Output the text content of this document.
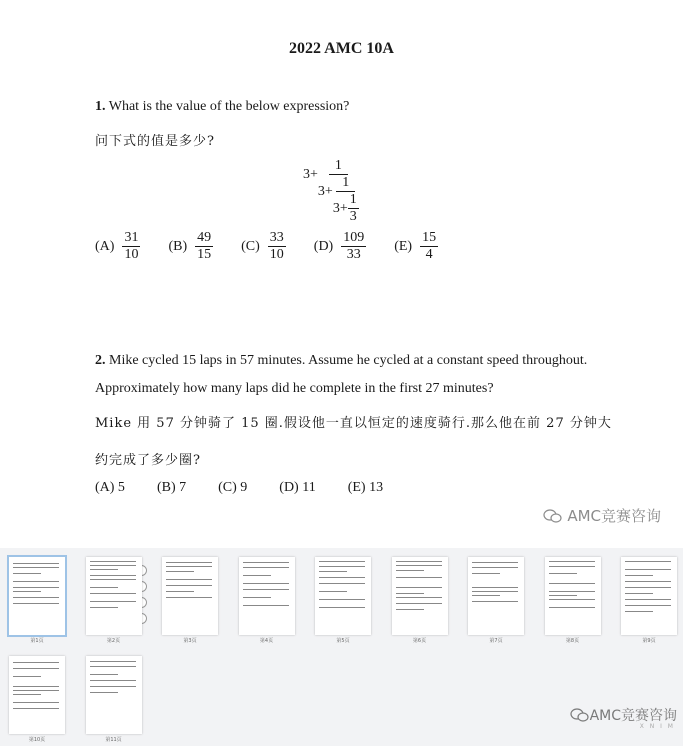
2022 AMC 10A
1. What is the value of the below expression?
问下式的值是多少?
3+
1
$3+ \frac{1}{3+ \frac{1}{3}}$
$(A) \frac{31}{10} (B) \frac{49}{15} (C) \frac{33}{10} (D) \frac{109}{33} (E) \frac{15}{4}$
2. Mike cycled 15 laps in 57 minutes. Assume he cycled at a constant speed throughout.
Approximately how many laps did he complete in the first 27 minutes?
Mike 用 57 分钟骑了 15 圈.假设他一直以恒定的速度骑行.那么他在前 27 分钟大
约完成了多少圈?
(A) 5 (B) 7 (C) 9 (D) 11 (E) 13
AMC竞赛咨询
AMC竞赛咨询
X N I M
第1页	第2页	第3页	第4页	第5页	第6页	第7页	第8页	第9页
第10页	第11页
